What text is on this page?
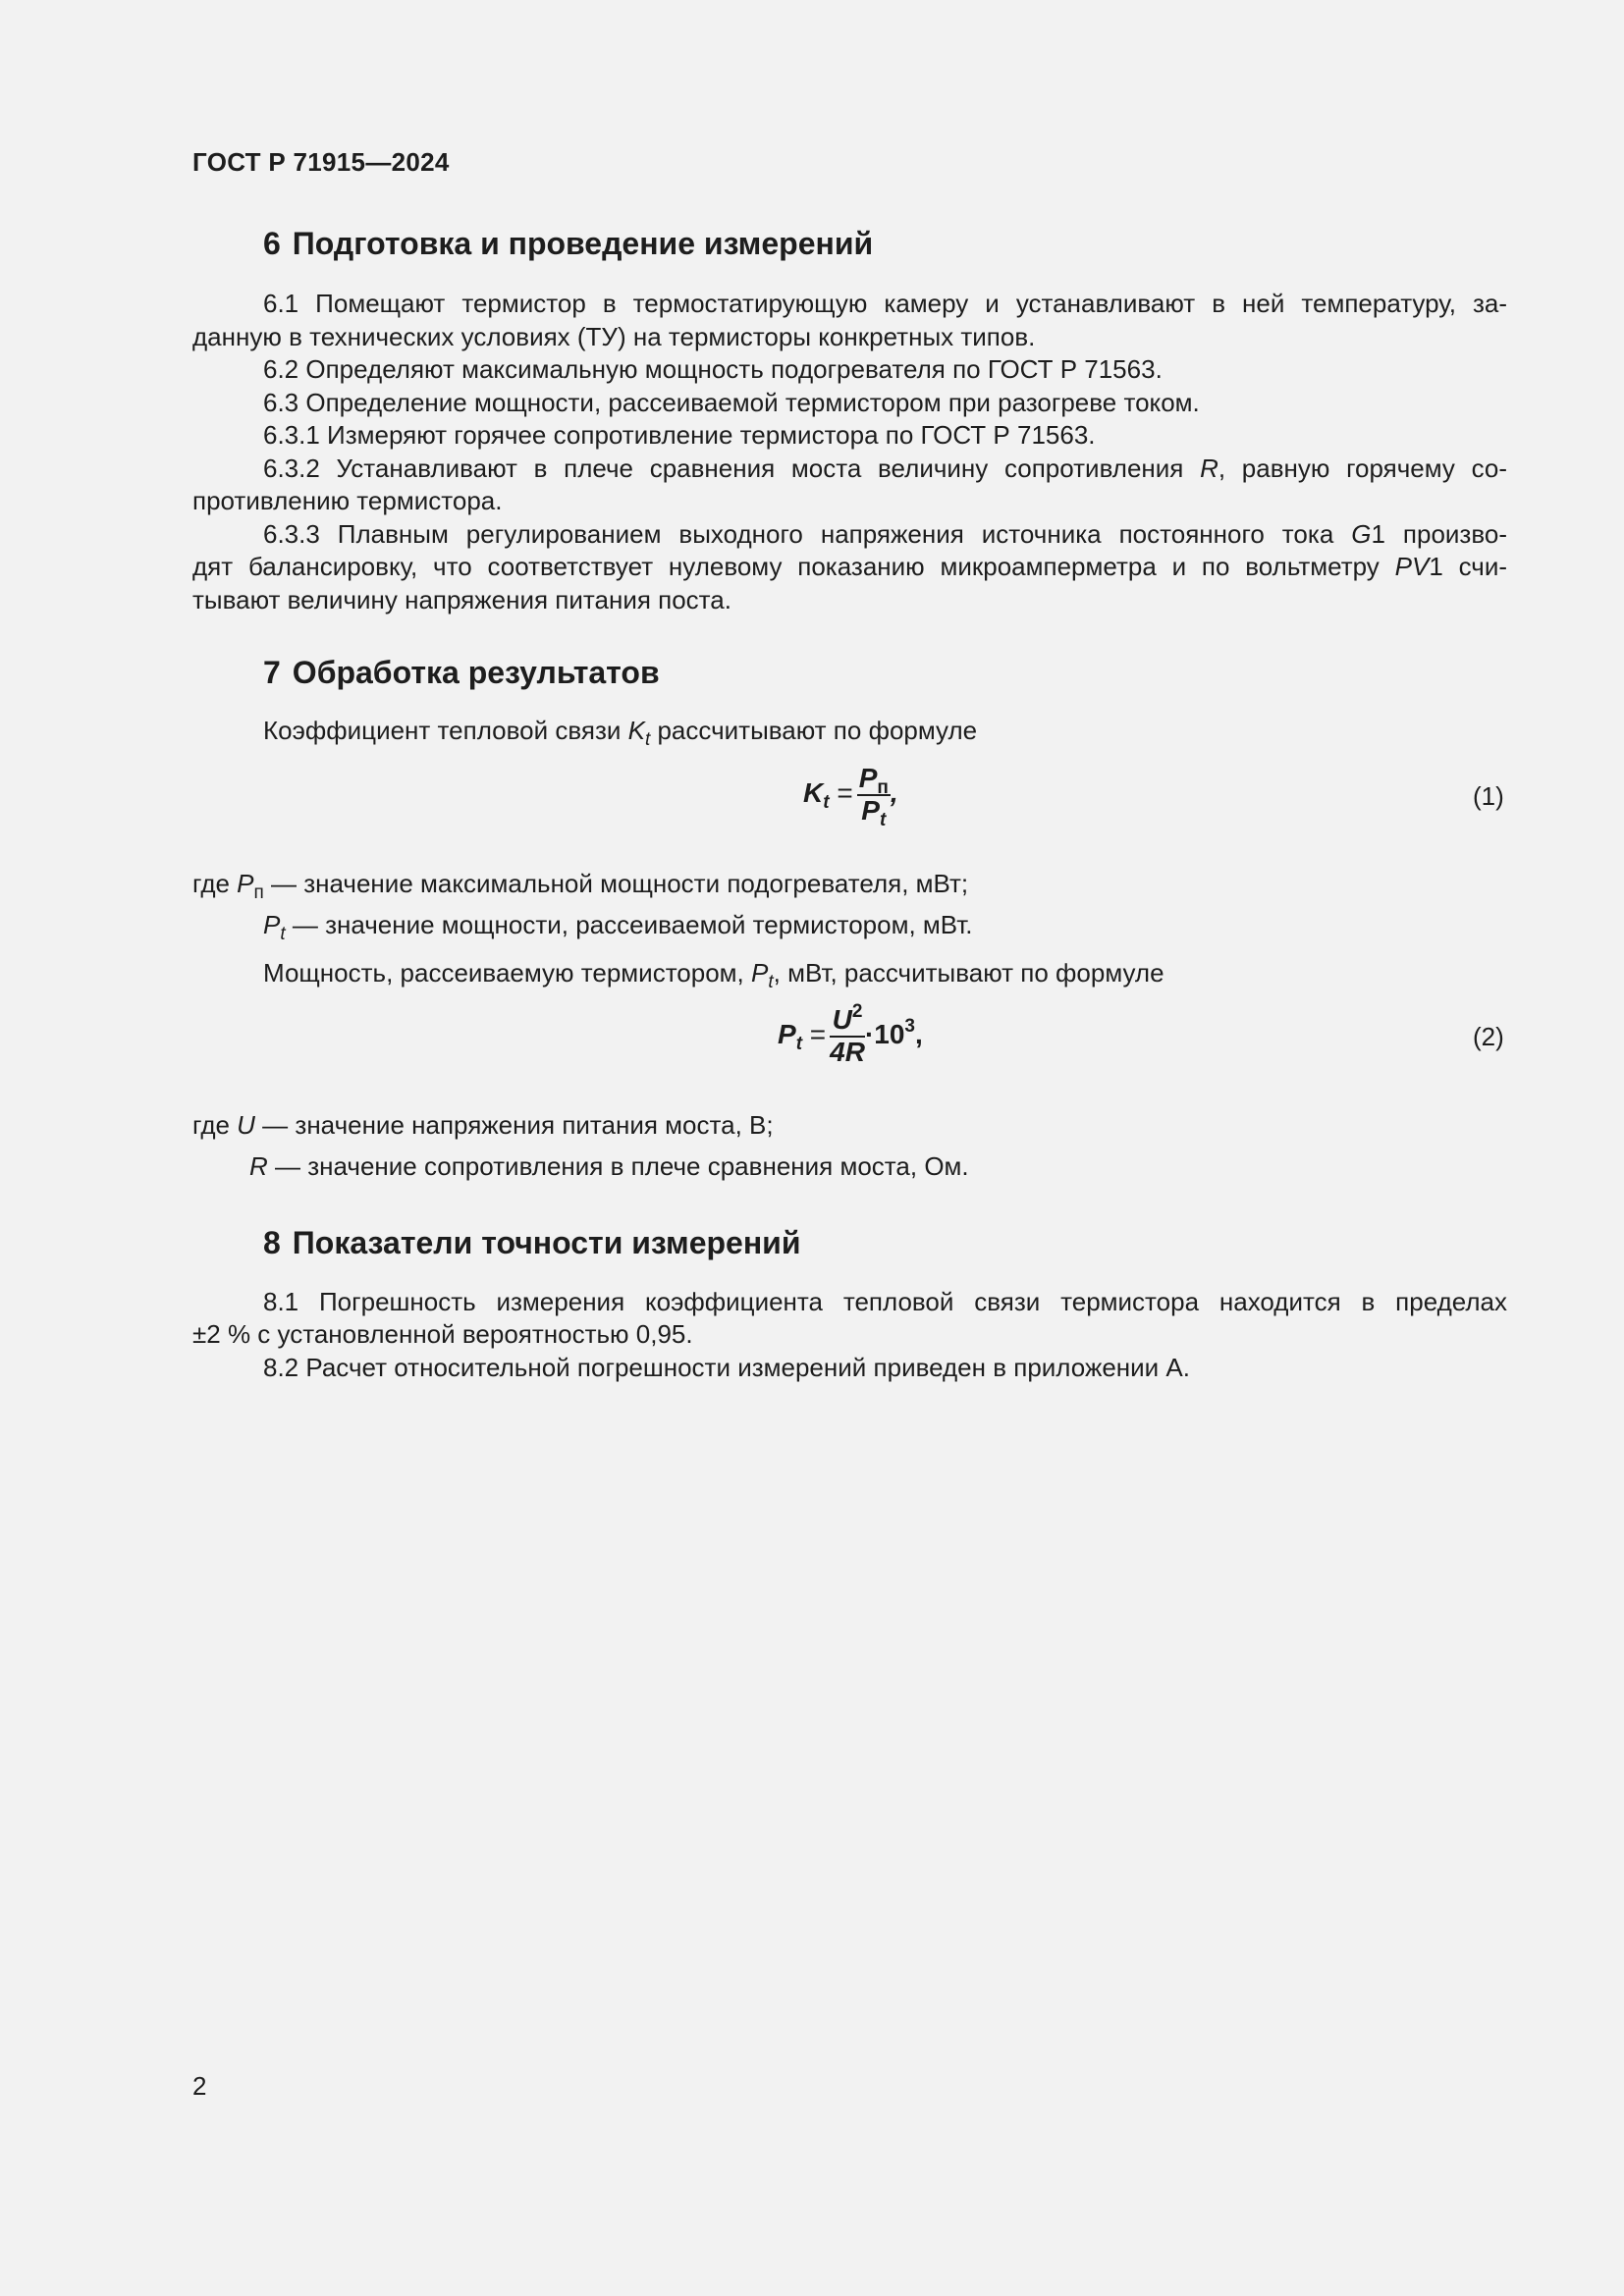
ГОСТ Р 71915—2024
6 Подготовка и проведение измерений
6.1 Помещают термистор в термостатирующую камеру и устанавливают в ней температуру, за-
данную в технических условиях (ТУ) на термисторы конкретных типов.
6.2 Определяют максимальную мощность подогревателя по ГОСТ Р 71563.
6.3 Определение мощности, рассеиваемой термистором при разогреве током.
6.3.1 Измеряют горячее сопротивление термистора по ГОСТ Р 71563.
6.3.2 Устанавливают в плече сравнения моста величину сопротивления R, равную горячему со-
противлению термистора.
6.3.3 Плавным регулированием выходного напряжения источника постоянного тока G1 произво-
дят балансировку, что соответствует нулевому показанию микроамперметра и по вольтметру PV1 счи-
тывают величину напряжения питания поста.
7 Обработка результатов
Коэффициент тепловой связи $K_t$ рассчитывают по формуле
$K_t = \frac{P_п}{P_t}$ ,	(1)
где $P_п$ — значение максимальной мощности подогревателя, мВт;
$P_t$ — значение мощности, рассеиваемой термистором, мВт.
Мощность, рассеиваемую термистором, $P_t$, мВт, рассчитывают по формуле
$P_t = \frac{U^2}{4R} \cdot 10^3$,	(2)
где U — значение напряжения питания моста, В;
R — значение сопротивления в плече сравнения моста, Ом.
8 Показатели точности измерений
8.1 Погрешность измерения коэффициента тепловой связи термистора находится в пределах
±2 % с установленной вероятностью 0,95.
8.2 Расчет относительной погрешности измерений приведен в приложении А.
2
